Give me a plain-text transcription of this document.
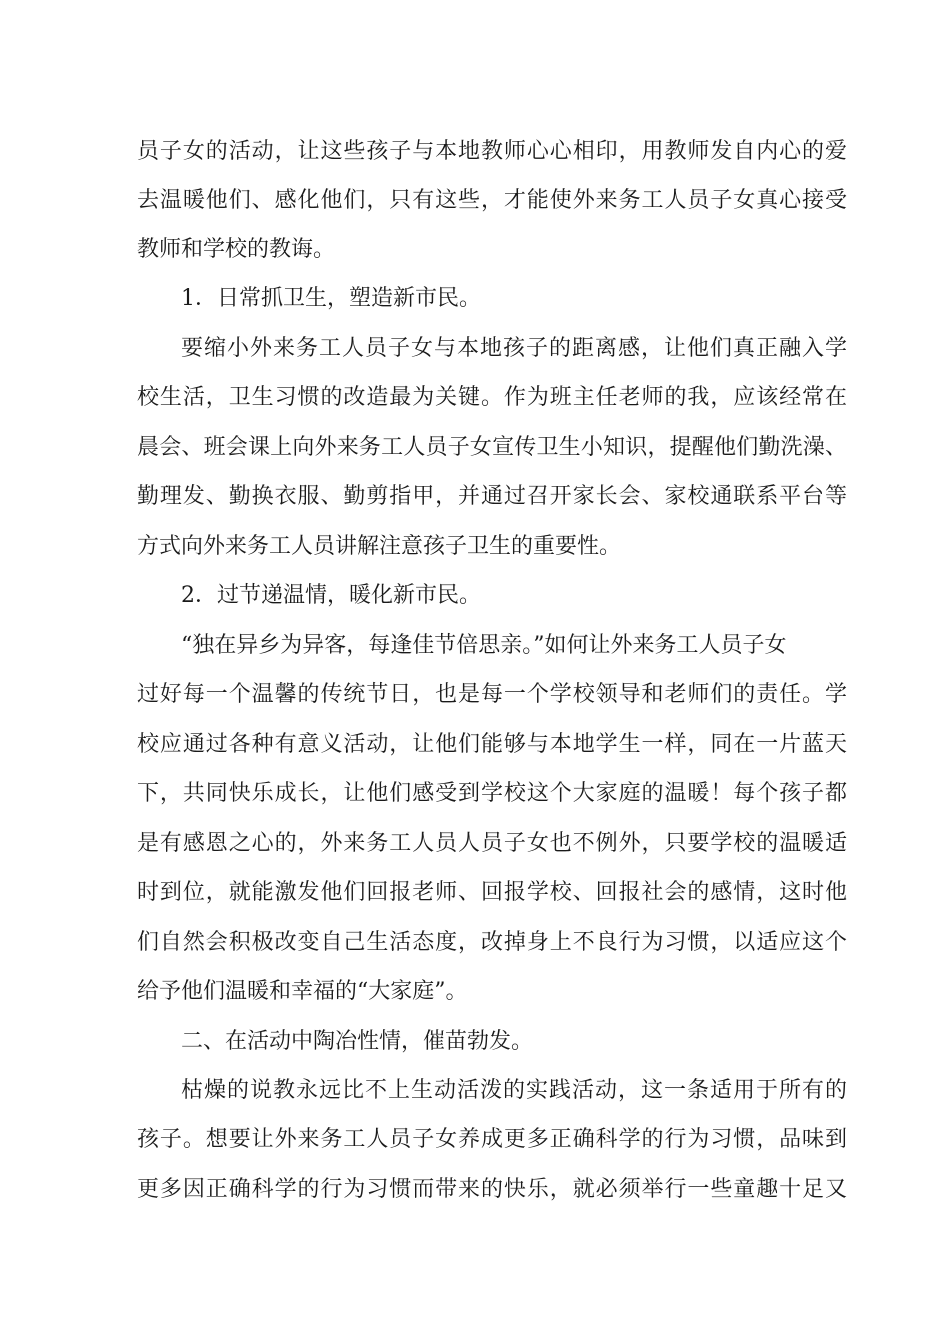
员子女的活动，让这些孩子与本地教师心心相印，用教师发自内心的爱
去温暖他们、感化他们，只有这些，才能使外来务工人员子女真心接受
教师和学校的教诲。
1．日常抓卫生，塑造新市民。
要缩小外来务工人员子女与本地孩子的距离感，让他们真正融入学
校生活，卫生习惯的改造最为关键。作为班主任老师的我，应该经常在
晨会、班会课上向外来务工人员子女宣传卫生小知识，提醒他们勤洗澡、
勤理发、勤换衣服、勤剪指甲，并通过召开家长会、家校通联系平台等
方式向外来务工人员讲解注意孩子卫生的重要性。
2．过节递温情，暖化新市民。
“独在异乡为异客，每逢佳节倍思亲。”如何让外来务工人员子女
过好每一个温馨的传统节日，也是每一个学校领导和老师们的责任。学
校应通过各种有意义活动，让他们能够与本地学生一样，同在一片蓝天
下，共同快乐成长，让他们感受到学校这个大家庭的温暖！每个孩子都
是有感恩之心的，外来务工人员人员子女也不例外，只要学校的温暖适
时到位，就能激发他们回报老师、回报学校、回报社会的感情，这时他
们自然会积极改变自己生活态度，改掉身上不良行为习惯，以适应这个
给予他们温暖和幸福的“大家庭”。
二、在活动中陶冶性情，催苗勃发。
枯燥的说教永远比不上生动活泼的实践活动，这一条适用于所有的
孩子。想要让外来务工人员子女养成更多正确科学的行为习惯，品味到
更多因正确科学的行为习惯而带来的快乐，就必须举行一些童趣十足又
